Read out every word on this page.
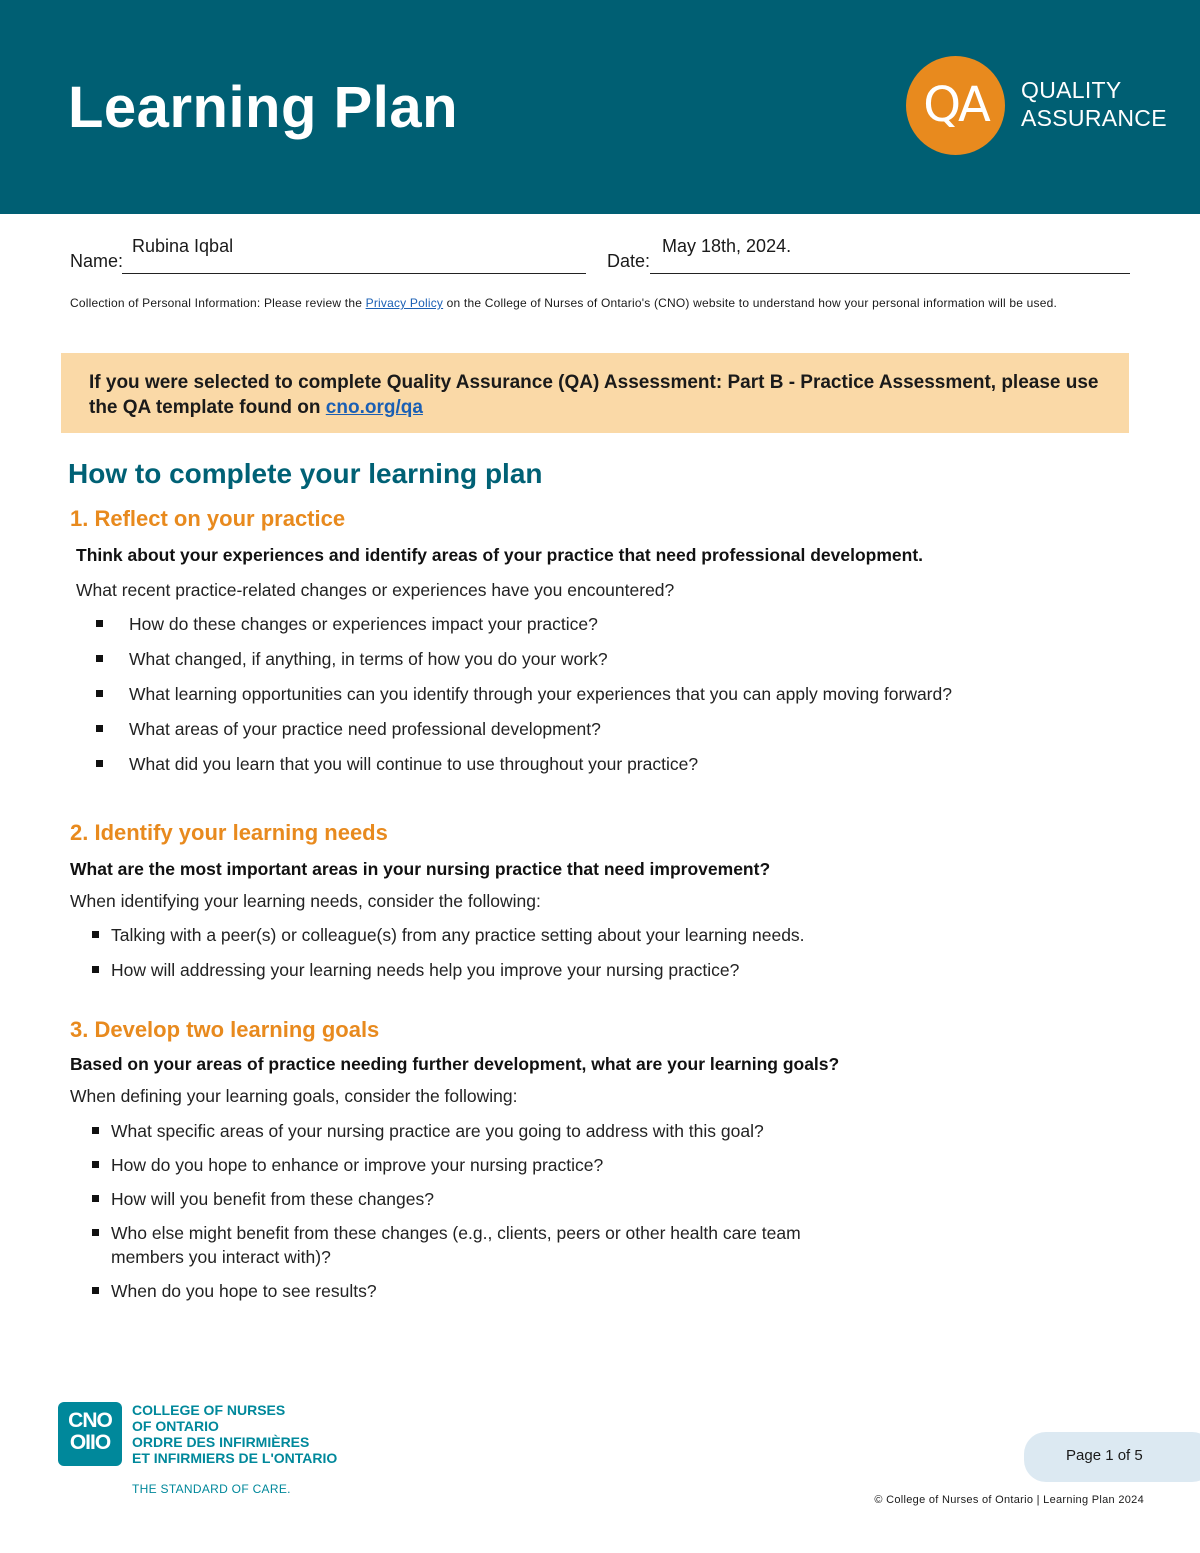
Learning Plan	QA	QUALITY
ASSURANCE
Name:
Rubina Iqbal
Date:
May 18th, 2024.
Collection of Personal Information: Please review the Privacy Policy on the College of Nurses of Ontario's (CNO) website to understand how your personal information will be used.
If you were selected to complete Quality Assurance (QA) Assessment: Part B - Practice Assessment, please use the QA template found on cno.org/qa
How to complete your learning plan
1. Reflect on your practice

Think about your experiences and identify areas of your practice that need professional development.

What recent practice-related changes or experiences have you encountered?

How do these changes or experiences impact your practice?
What changed, if anything, in terms of how you do your work?
What learning opportunities can you identify through your experiences that you can apply moving forward?
What areas of your practice need professional development?
What did you learn that you will continue to use throughout your practice?
2. Identify your learning needs

What are the most important areas in your nursing practice that need improvement?

When identifying your learning needs, consider the following:

Talking with a peer(s) or colleague(s) from any practice setting about your learning needs.
How will addressing your learning needs help you improve your nursing practice?
3. Develop two learning goals

Based on your areas of practice needing further development, what are your learning goals?

When defining your learning goals, consider the following:

What specific areas of your nursing practice are you going to address with this goal?
How do you hope to enhance or improve your nursing practice?
How will you benefit from these changes?
Who else might benefit from these changes (e.g., clients, peers or other health care team
members you interact with)?
When do you hope to see results?
CNO
OIIO
COLLEGE OF NURSES
OF ONTARIO
ORDRE DES INFIRMIÈRES
ET INFIRMIERS DE L'ONTARIO
THE STANDARD OF CARE.
Page 1 of 5
© College of Nurses of Ontario | Learning Plan 2024
